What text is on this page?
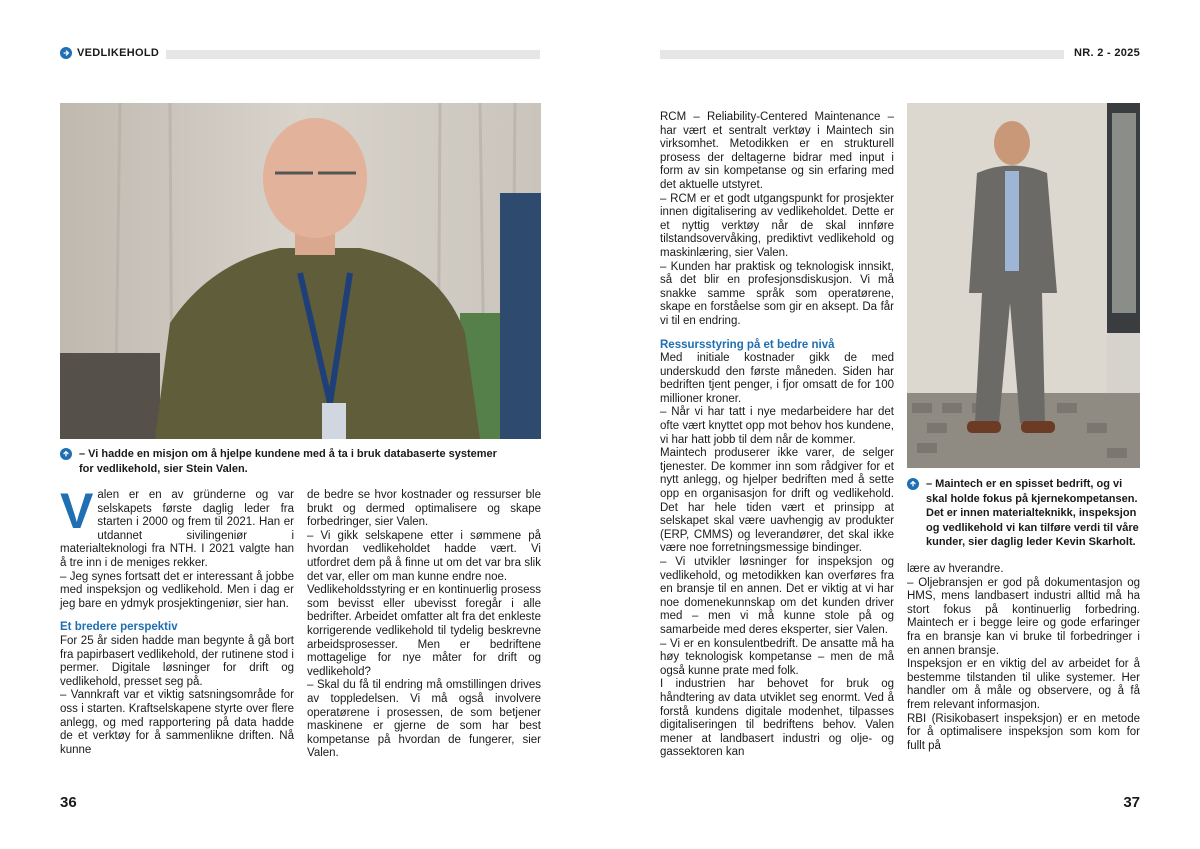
VEDLIKEHOLD	NR. 2 - 2025
– Vi hadde en misjon om å hjelpe kundene med å ta i bruk databaserte systemer
for vedlikehold, sier Stein Valen.
V alen er en av gründerne og var selskapets første daglig leder fra starten i 2000 og frem til 2021. Han er utdannet sivilingeniør i materialteknologi fra NTH. I 2021 valgte han å tre inn i de meniges rekker.

– Jeg synes fortsatt det er interessant å jobbe med inspeksjon og vedlikehold. Men i dag er jeg bare en ydmyk prosjektingeniør, sier han.

Et bredere perspektiv

For 25 år siden hadde man begynte å gå bort fra papirbasert vedlikehold, der rutinene stod i permer. Digitale løsninger for drift og vedlikehold, presset seg på.

– Vannkraft var et viktig satsningsområde for oss i starten. Kraftselskapene styrte over flere anlegg, og med rapportering på data hadde de et verktøy for å sammenlikne driften. Nå kunne

de bedre se hvor kostnader og ressurser ble brukt og dermed optimalisere og skape forbedringer, sier Valen.

– Vi gikk selskapene etter i sømmene på hvordan vedlikeholdet hadde vært. Vi utfordret dem på å finne ut om det var bra slik det var, eller om man kunne endre noe.

Vedlikeholdsstyring er en kontinuerlig prosess som bevisst eller ubevisst foregår i alle bedrifter. Arbeidet omfatter alt fra det enkleste korrigerende vedlikehold til tydelig beskrevne arbeidsprosesser. Men er bedriftene mottagelige for nye måter for drift og vedlikehold?

– Skal du få til endring må omstillingen drives av toppledelsen. Vi må også involvere operatørene i prosessen, de som betjener maskinene er gjerne de som har best kompetanse på hvordan de fungerer, sier Valen.

36

RCM – Reliability-Centered Maintenance – har vært et sentralt verktøy i Maintech sin virksomhet. Metodikken er en strukturell prosess der deltagerne bidrar med input i form av sin kompetanse og sin erfaring med det aktuelle utstyret.

– RCM er et godt utgangspunkt for prosjekter innen digitalisering av vedlikeholdet. Dette er et nyttig verktøy når de skal innføre tilstandsovervåking, prediktivt vedlikehold og maskinlæring, sier Valen.

– Kunden har praktisk og teknologisk innsikt, så det blir en profesjonsdiskusjon. Vi må snakke samme språk som operatørene, skape en forståelse som gir en aksept. Da får vi til en endring.

Ressursstyring på et bedre nivå

Med initiale kostnader gikk de med underskudd den første måneden. Siden har bedriften tjent penger, i fjor omsatt de for 100 millioner kroner.

– Når vi har tatt i nye medarbeidere har det ofte vært knyttet opp mot behov hos kundene, vi har hatt jobb til dem når de kommer.

Maintech produserer ikke varer, de selger tjenester. De kommer inn som rådgiver for et nytt anlegg, og hjelper bedriften med å sette opp en organisasjon for drift og vedlikehold. Det har hele tiden vært et prinsipp at selskapet skal være uavhengig av produkter (ERP, CMMS) og leverandører, det skal ikke være noe forretningsmessige bindinger.

– Vi utvikler løsninger for inspeksjon og vedlikehold, og metodikken kan overføres fra en bransje til en annen. Det er viktig at vi har noe domenekunnskap om det kunden driver med – men vi må kunne stole på og samarbeide med deres eksperter, sier Valen.

– Vi er en konsulentbedrift. De ansatte må ha høy teknologisk kompetanse – men de må også kunne prate med folk.

I industrien har behovet for bruk og håndtering av data utviklet seg enormt. Ved å forstå kundens digitale modenhet, tilpasses digitaliseringen til bedriftens behov. Valen mener at landbasert industri og olje- og gassektoren kan

– Maintech er en spisset bedrift, og vi
skal holde fokus på kjernekompetansen.
Det er innen materialteknikk, inspeksjon
og vedlikehold vi kan tilføre verdi til våre
kunder, sier daglig leder Kevin Skarholt.

lære av hverandre.

– Oljebransjen er god på dokumentasjon og HMS, mens landbasert industri alltid må ha stort fokus på kontinuerlig forbedring. Maintech er i begge leire og gode erfaringer fra en bransje kan vi bruke til forbedringer i en annen bransje.

Inspeksjon er en viktig del av arbeidet for å bestemme tilstanden til ulike systemer. Her handler om å måle og observere, og å få frem relevant informasjon.

RBI (Risikobasert inspeksjon) er en metode for å optimalisere inspeksjon som kom for fullt på

37
